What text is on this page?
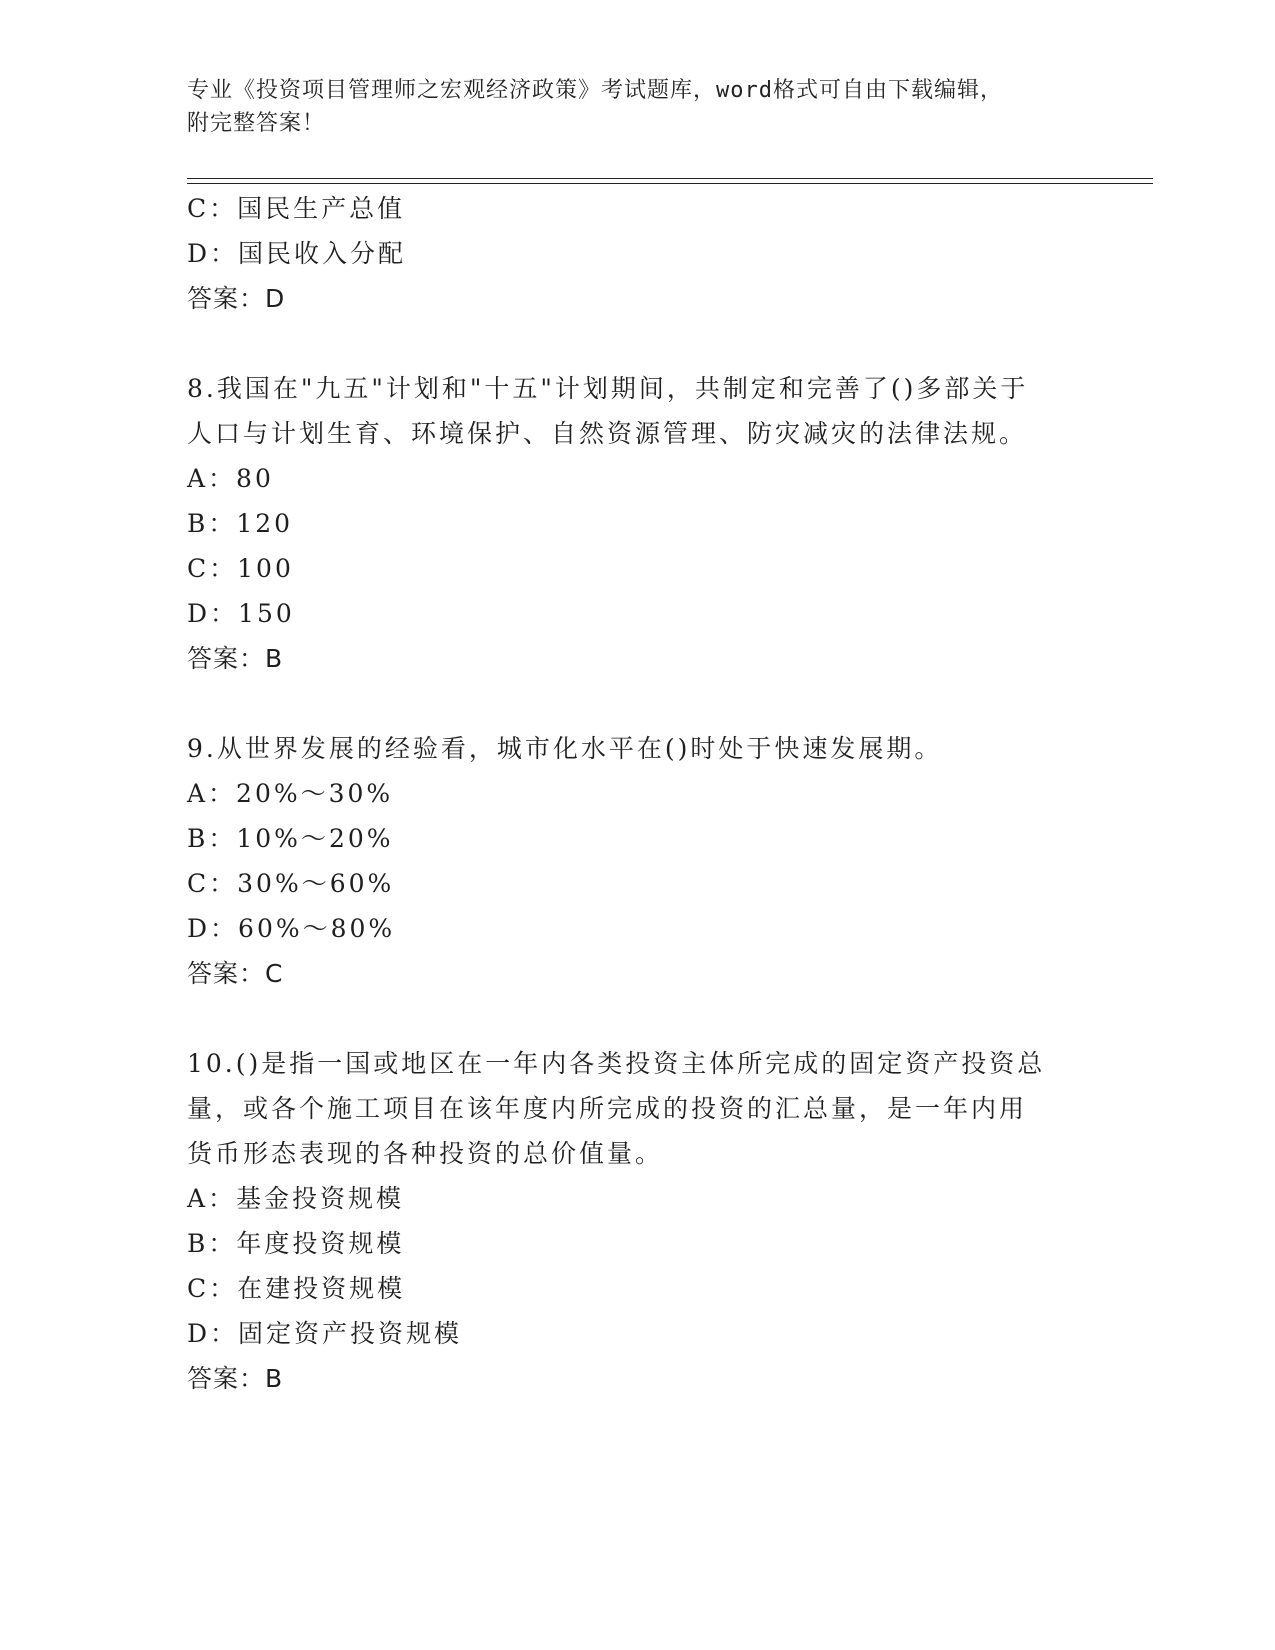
专业《投资项目管理师之宏观经济政策》考试题库，word格式可自由下载编辑，
附完整答案！
C：国民生产总值
D：国民收入分配
答案：D
8.我国在"九五"计划和"十五"计划期间，共制定和完善了()多部关于
人口与计划生育、环境保护、自然资源管理、防灾减灾的法律法规。
A：80
B：120
C：100
D：150
答案：B
9.从世界发展的经验看，城市化水平在()时处于快速发展期。
A：20%～30%
B：10%～20%
C：30%～60%
D：60%～80%
答案：C
10.()是指一国或地区在一年内各类投资主体所完成的固定资产投资总
量，或各个施工项目在该年度内所完成的投资的汇总量，是一年内用
货币形态表现的各种投资的总价值量。
A：基金投资规模
B：年度投资规模
C：在建投资规模
D：固定资产投资规模
答案：B
